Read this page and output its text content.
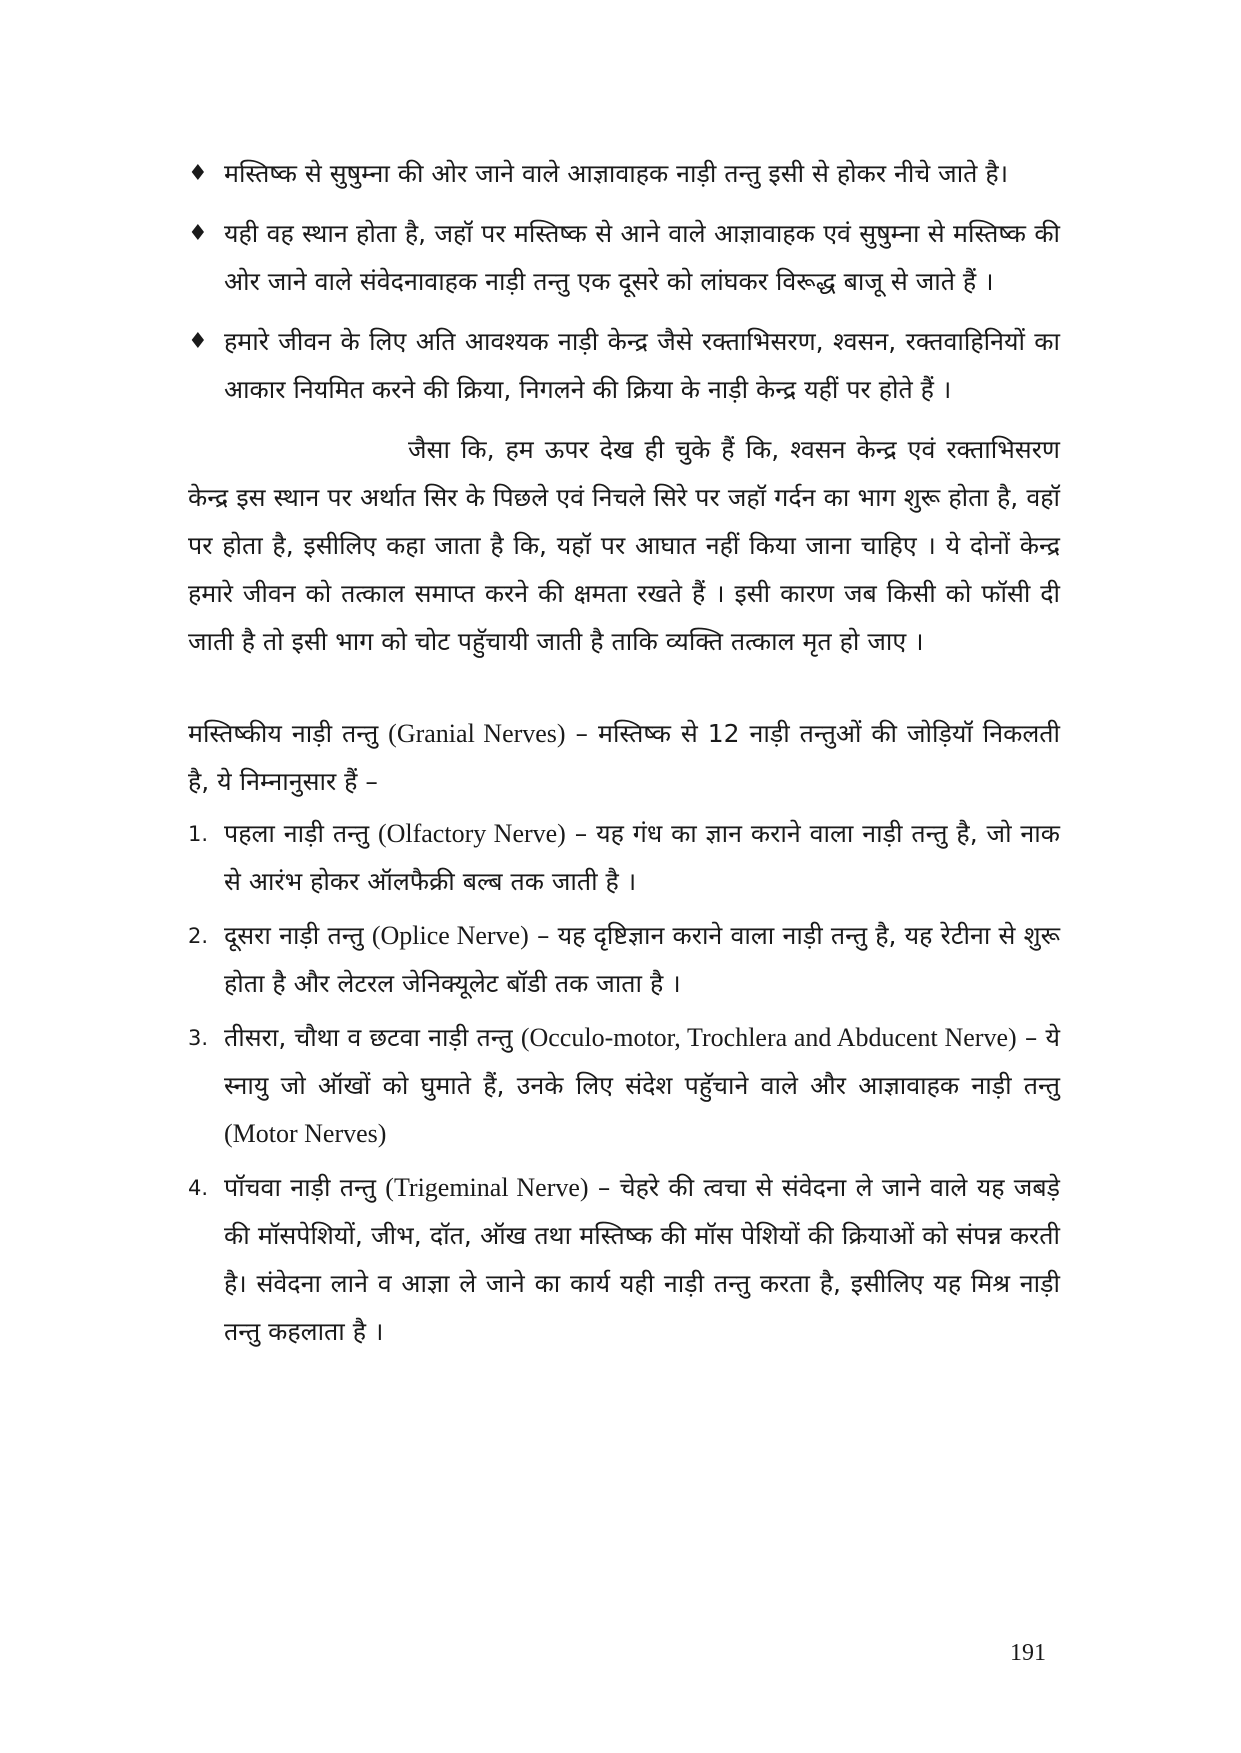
♦ मस्तिष्क से सुषुम्ना की ओर जाने वाले आज्ञावाहक नाड़ी तन्तु इसी से होकर नीचे जाते है।

♦ यही वह स्थान होता है, जहॉ पर मस्तिष्क से आने वाले आज्ञावाहक एवं सुषुम्ना से मस्तिष्क की ओर जाने वाले संवेदनावाहक नाड़ी तन्तु एक दूसरे को लांघकर विरूद्ध बाजू से जाते हैं ।

♦ हमारे जीवन के लिए अति आवश्यक नाड़ी केन्द्र जैसे रक्ताभिसरण, श्वसन, रक्तवाहिनियों का आकार नियमित करने की क्रिया, निगलने की क्रिया के नाड़ी केन्द्र यहीं पर होते हैं ।

जैसा कि, हम ऊपर देख ही चुके हैं कि, श्वसन केन्द्र एवं रक्ताभिसरण केन्द्र इस स्थान पर अर्थात सिर के पिछले एवं निचले सिरे पर जहॉ गर्दन का भाग शुरू होता है, वहॉ पर होता है, इसीलिए कहा जाता है कि, यहॉ पर आघात नहीं किया जाना चाहिए । ये दोनों केन्द्र हमारे जीवन को तत्काल समाप्त करने की क्षमता रखते हैं । इसी कारण जब किसी को फॉसी दी जाती है तो इसी भाग को चोट पहुॅचायी जाती है ताकि व्यक्ति तत्काल मृत हो जाए ।

मस्तिष्कीय नाड़ी तन्तु (Granial Nerves) – मस्तिष्क से 12 नाड़ी तन्तुओं की जोड़ियॉ निकलती है, ये निम्नानुसार हैं –

1. पहला नाड़ी तन्तु (Olfactory Nerve) – यह गंध का ज्ञान कराने वाला नाड़ी तन्तु है, जो नाक से आरंभ होकर ऑलफैक्री बल्ब तक जाती है ।

2. दूसरा नाड़ी तन्तु (Oplice Nerve) – यह दृष्टिज्ञान कराने वाला नाड़ी तन्तु है, यह रेटीना से शुरू होता है और लेटरल जेनिक्यूलेट बॉडी तक जाता है ।

3. तीसरा, चौथा व छटवा नाड़ी तन्तु (Occulo-motor, Trochlera and Abducent Nerve) – ये स्नायु जो ऑखों को घुमाते हैं, उनके लिए संदेश पहुॅचाने वाले और आज्ञावाहक नाड़ी तन्तु (Motor Nerves)

4. पॉचवा नाड़ी तन्तु (Trigeminal Nerve) – चेहरे की त्वचा से संवेदना ले जाने वाले यह जबड़े की मॉसपेशियों, जीभ, दॉत, ऑख तथा मस्तिष्क की मॉस पेशियों की क्रियाओं को संपन्न करती है। संवेदना लाने व आज्ञा ले जाने का कार्य यही नाड़ी तन्तु करता है, इसीलिए यह मिश्र नाड़ी तन्तु कहलाता है ।

191
